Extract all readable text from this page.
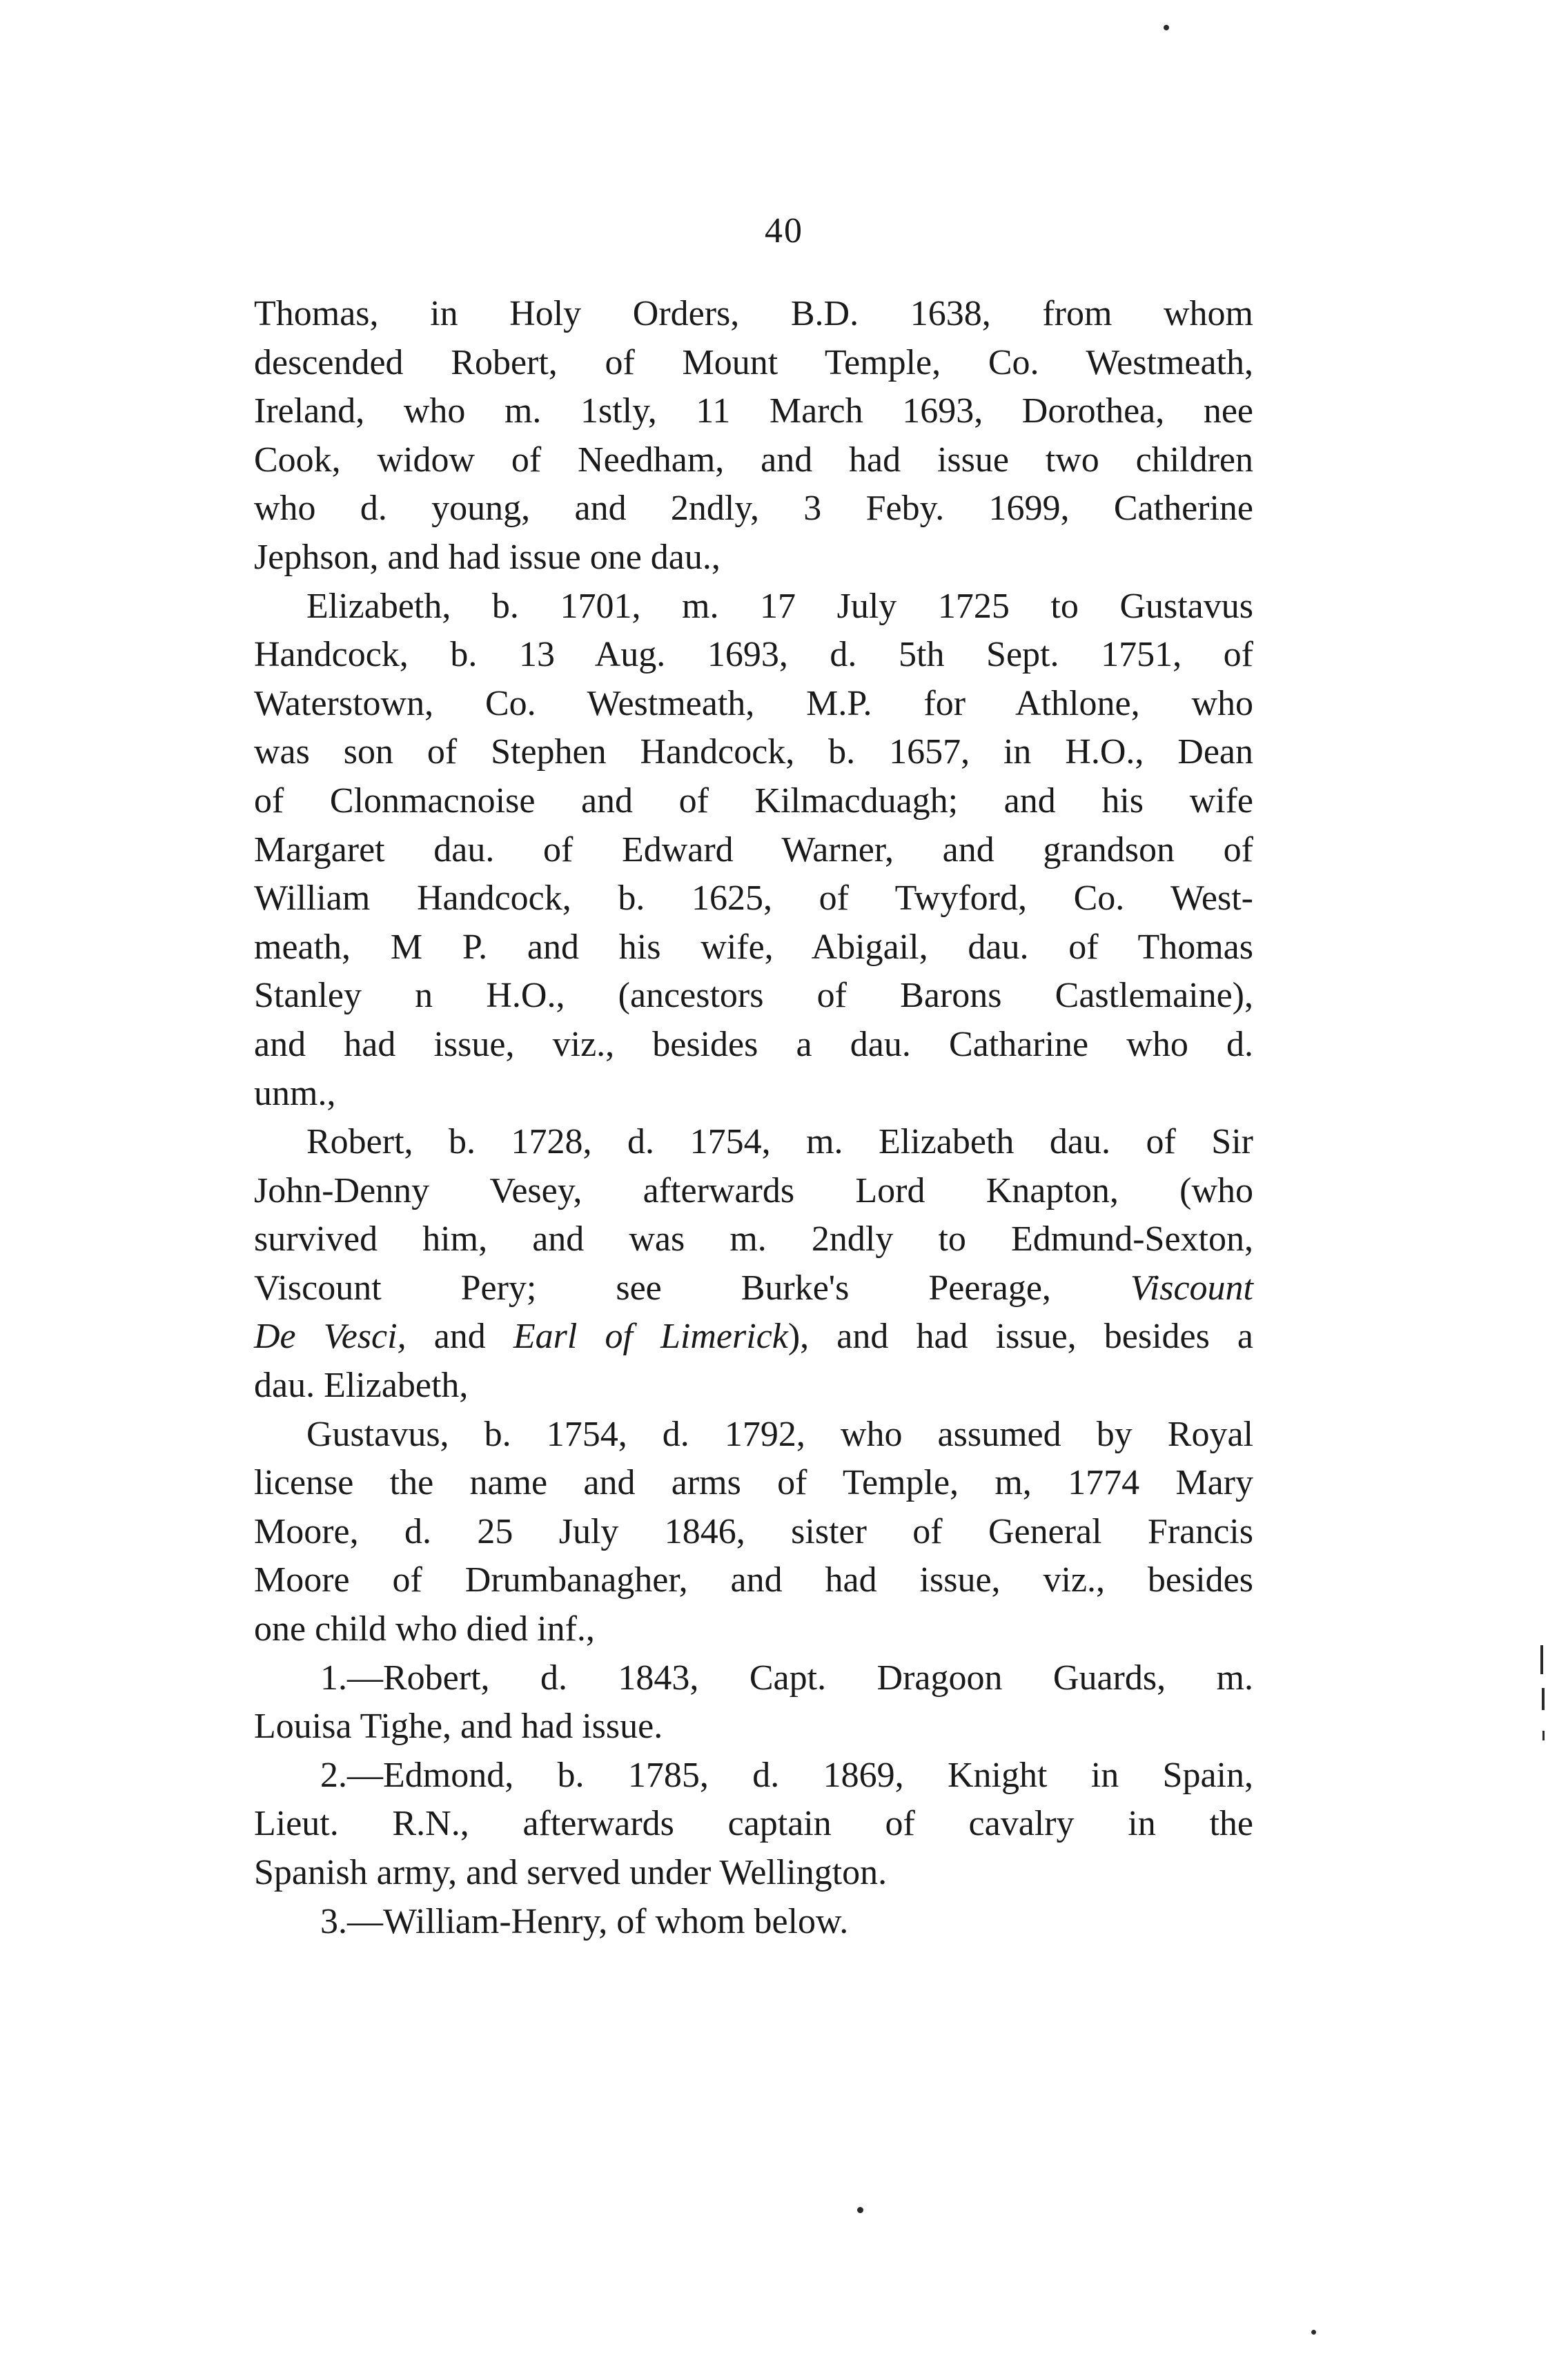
40
Thomas, in Holy Orders, B.D. 1638, from whom
descended Robert, of Mount Temple, Co. Westmeath,
Ireland, who m. 1stly, 11 March 1693, Dorothea, nee
Cook, widow of Needham, and had issue two children
who d. young, and 2ndly, 3 Feby. 1699, Catherine
Jephson, and had issue one dau.,
Elizabeth, b. 1701, m. 17 July 1725 to Gustavus
Handcock, b. 13 Aug. 1693, d. 5th Sept. 1751, of
Waterstown, Co. Westmeath, M.P. for Athlone, who
was son of Stephen Handcock, b. 1657, in H.O., Dean
of Clonmacnoise and of Kilmacduagh; and his wife
Margaret dau. of Edward Warner, and grandson of
William Handcock, b. 1625, of Twyford, Co. West-
meath, M P. and his wife, Abigail, dau. of Thomas
Stanley n H.O., (ancestors of Barons Castlemaine),
and had issue, viz., besides a dau. Catharine who d.
unm.,
Robert, b. 1728, d. 1754, m. Elizabeth dau. of Sir
John-Denny Vesey, afterwards Lord Knapton, (who
survived him, and was m. 2ndly to Edmund-Sexton,
Viscount Pery; see Burke's Peerage, Viscount
De Vesci, and Earl of Limerick), and had issue, besides a
dau. Elizabeth,
Gustavus, b. 1754, d. 1792, who assumed by Royal
license the name and arms of Temple, m, 1774 Mary
Moore, d. 25 July 1846, sister of General Francis
Moore of Drumbanagher, and had issue, viz., besides
one child who died inf.,
1.—Robert, d. 1843, Capt. Dragoon Guards, m.
Louisa Tighe, and had issue.
2.—Edmond, b. 1785, d. 1869, Knight in Spain,
Lieut. R.N., afterwards captain of cavalry in the
Spanish army, and served under Wellington.
3.—William-Henry, of whom below.
